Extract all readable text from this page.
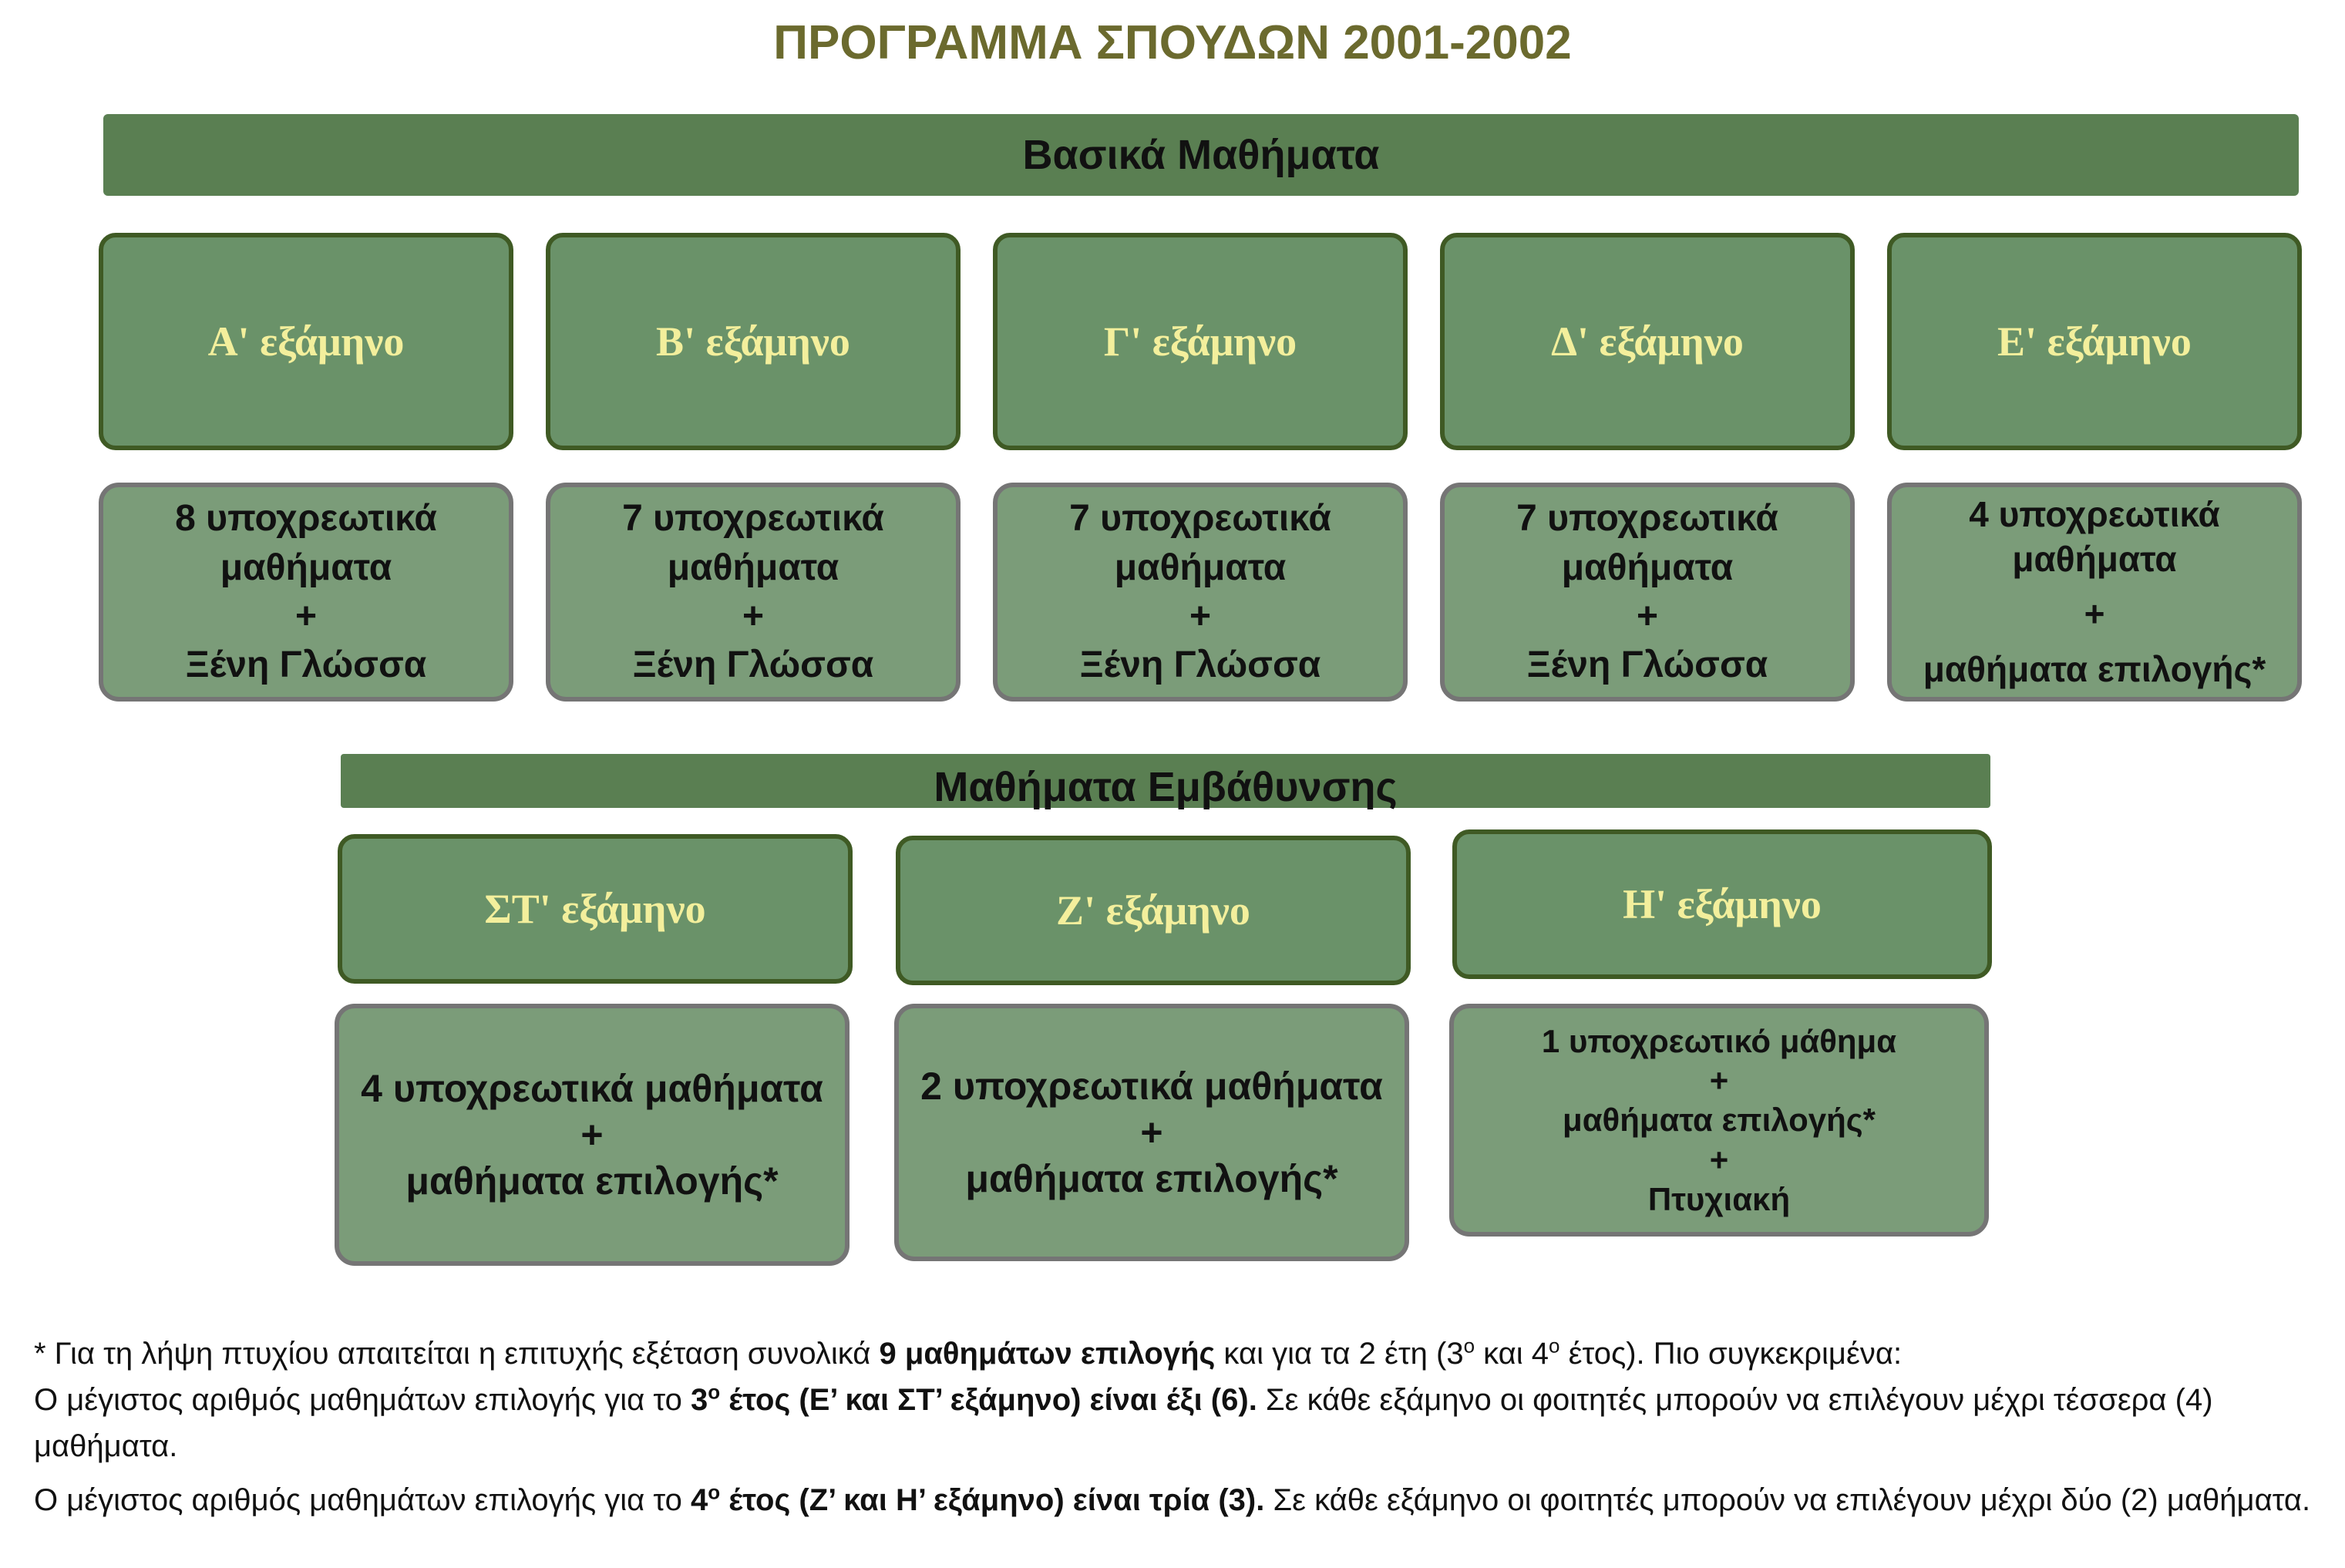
ΠΡΟΓΡΑΜΜΑ ΣΠΟΥΔΩΝ 2001-2002
Βασικά Μαθήματα
Α' εξάμηνο	Β' εξάμηνο	Γ' εξάμηνο	Δ' εξάμηνο	Ε' εξάμηνο
8 υποχρεωτικά
μαθήματα
+
Ξένη Γλώσσα
7 υποχρεωτικά
μαθήματα
+
Ξένη Γλώσσα
7 υποχρεωτικά
μαθήματα
+
Ξένη Γλώσσα
7 υποχρεωτικά
μαθήματα
+
Ξένη Γλώσσα
4 υποχρεωτικά
μαθήματα
+
μαθήματα επιλογής*
Μαθήματα Εμβάθυνσης
ΣΤ' εξάμηνο	Ζ' εξάμηνο	Η' εξάμηνο
4 υποχρεωτικά μαθήματα
+
μαθήματα επιλογής*
2 υποχρεωτικά μαθήματα
+
μαθήματα επιλογής*
1 υποχρεωτικό μάθημα
+
μαθήματα επιλογής*
+
Πτυχιακή

* Για τη λήψη πτυχίου απαιτείται η επιτυχής εξέταση συνολικά 9 μαθημάτων επιλογής και για τα 2 έτη ($3^o$ και $4^o$ έτος). Πιο συγκεκριμένα:

Ο μέγιστος αριθμός μαθημάτων επιλογής για το $3^o$ έτος (Ε’ και ΣΤ’ εξάμηνο) είναι έξι (6). Σε κάθε εξάμηνο οι φοιτητές μπορούν να επιλέγουν μέχρι τέσσερα (4) μαθήματα.

Ο μέγιστος αριθμός μαθημάτων επιλογής για το $4^o$ έτος (Ζ’ και Η’ εξάμηνο) είναι τρία (3). Σε κάθε εξάμηνο οι φοιτητές μπορούν να επιλέγουν μέχρι δύο (2) μαθήματα.
